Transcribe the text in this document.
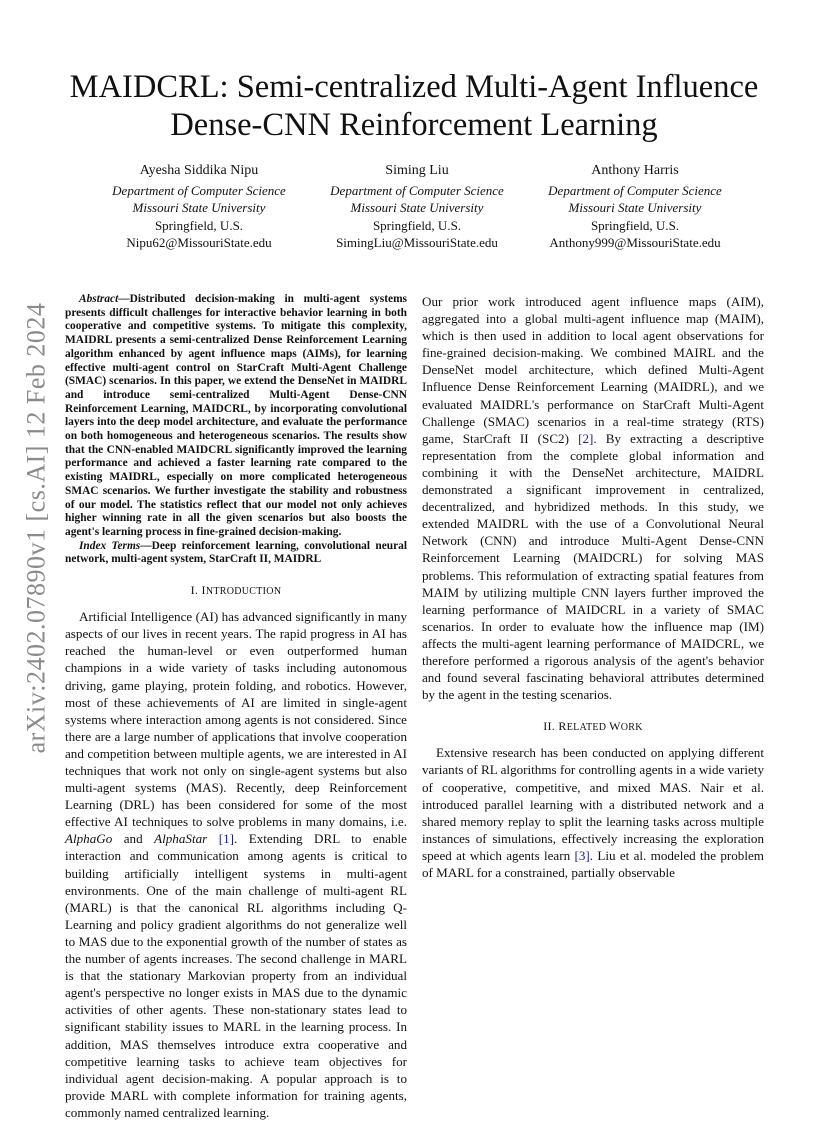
arXiv:2402.07890v1 [cs.AI] 12 Feb 2024
MAIDCRL: Semi-centralized Multi-Agent Influence Dense-CNN Reinforcement Learning
Ayesha Siddika Nipu
Department of Computer Science
Missouri State University
Springfield, U.S.
Nipu62@MissouriState.edu
Siming Liu
Department of Computer Science
Missouri State University
Springfield, U.S.
SimingLiu@MissouriState.edu
Anthony Harris
Department of Computer Science
Missouri State University
Springfield, U.S.
Anthony999@MissouriState.edu

Abstract—Distributed decision-making in multi-agent systems presents difficult challenges for interactive behavior learning in both cooperative and competitive systems. To mitigate this complexity, MAIDRL presents a semi-centralized Dense Reinforcement Learning algorithm enhanced by agent influence maps (AIMs), for learning effective multi-agent control on StarCraft Multi-Agent Challenge (SMAC) scenarios. In this paper, we extend the DenseNet in MAIDRL and introduce semi-centralized Multi-Agent Dense-CNN Reinforcement Learning, MAIDCRL, by incorporating convolutional layers into the deep model architecture, and evaluate the performance on both homogeneous and heterogeneous scenarios. The results show that the CNN-enabled MAIDCRL significantly improved the learning performance and achieved a faster learning rate compared to the existing MAIDRL, especially on more complicated heterogeneous SMAC scenarios. We further investigate the stability and robustness of our model. The statistics reflect that our model not only achieves higher winning rate in all the given scenarios but also boosts the agent's learning process in fine-grained decision-making.

Index Terms—Deep reinforcement learning, convolutional neural network, multi-agent system, StarCraft II, MAIDRL

I. INTRODUCTION

Artificial Intelligence (AI) has advanced significantly in many aspects of our lives in recent years. The rapid progress in AI has reached the human-level or even outperformed human champions in a wide variety of tasks including autonomous driving, game playing, protein folding, and robotics. However, most of these achievements of AI are limited in single-agent systems where interaction among agents is not considered. Since there are a large number of applications that involve cooperation and competition between multiple agents, we are interested in AI techniques that work not only on single-agent systems but also multi-agent systems (MAS). Recently, deep Reinforcement Learning (DRL) has been considered for some of the most effective AI techniques to solve problems in many domains, i.e. AlphaGo and AlphaStar [1]. Extending DRL to enable interaction and communication among agents is critical to building artificially intelligent systems in multi-agent environments. One of the main challenge of multi-agent RL (MARL) is that the canonical RL algorithms including Q-Learning and policy gradient algorithms do not generalize well to MAS due to the exponential growth of the number of states as the number of agents increases. The second challenge in MARL is that the stationary Markovian property from an individual agent's perspective no longer exists in MAS due to the dynamic activities of other agents. These non-stationary states lead to significant stability issues to MARL in the learning process. In addition, MAS themselves introduce extra cooperative and competitive learning tasks to achieve team objectives for individual agent decision-making. A popular approach is to provide MARL with complete information for training agents, commonly named centralized learning.

Our prior work introduced agent influence maps (AIM), aggregated into a global multi-agent influence map (MAIM), which is then used in addition to local agent observations for fine-grained decision-making. We combined MAIRL and the DenseNet model architecture, which defined Multi-Agent Influence Dense Reinforcement Learning (MAIDRL), and we evaluated MAIDRL's performance on StarCraft Multi-Agent Challenge (SMAC) scenarios in a real-time strategy (RTS) game, StarCraft II (SC2) [2]. By extracting a descriptive representation from the complete global information and combining it with the DenseNet architecture, MAIDRL demonstrated a significant improvement in centralized, decentralized, and hybridized methods. In this study, we extended MAIDRL with the use of a Convolutional Neural Network (CNN) and introduce Multi-Agent Dense-CNN Reinforcement Learning (MAIDCRL) for solving MAS problems. This reformulation of extracting spatial features from MAIM by utilizing multiple CNN layers further improved the learning performance of MAIDCRL in a variety of SMAC scenarios. In order to evaluate how the influence map (IM) affects the multi-agent learning performance of MAIDCRL, we therefore performed a rigorous analysis of the agent's behavior and found several fascinating behavioral attributes determined by the agent in the testing scenarios.

II. RELATED WORK

Extensive research has been conducted on applying different variants of RL algorithms for controlling agents in a wide variety of cooperative, competitive, and mixed MAS. Nair et al. introduced parallel learning with a distributed network and a shared memory replay to split the learning tasks across multiple instances of simulations, effectively increasing the exploration speed at which agents learn [3]. Liu et al. modeled the problem of MARL for a constrained, partially observable
